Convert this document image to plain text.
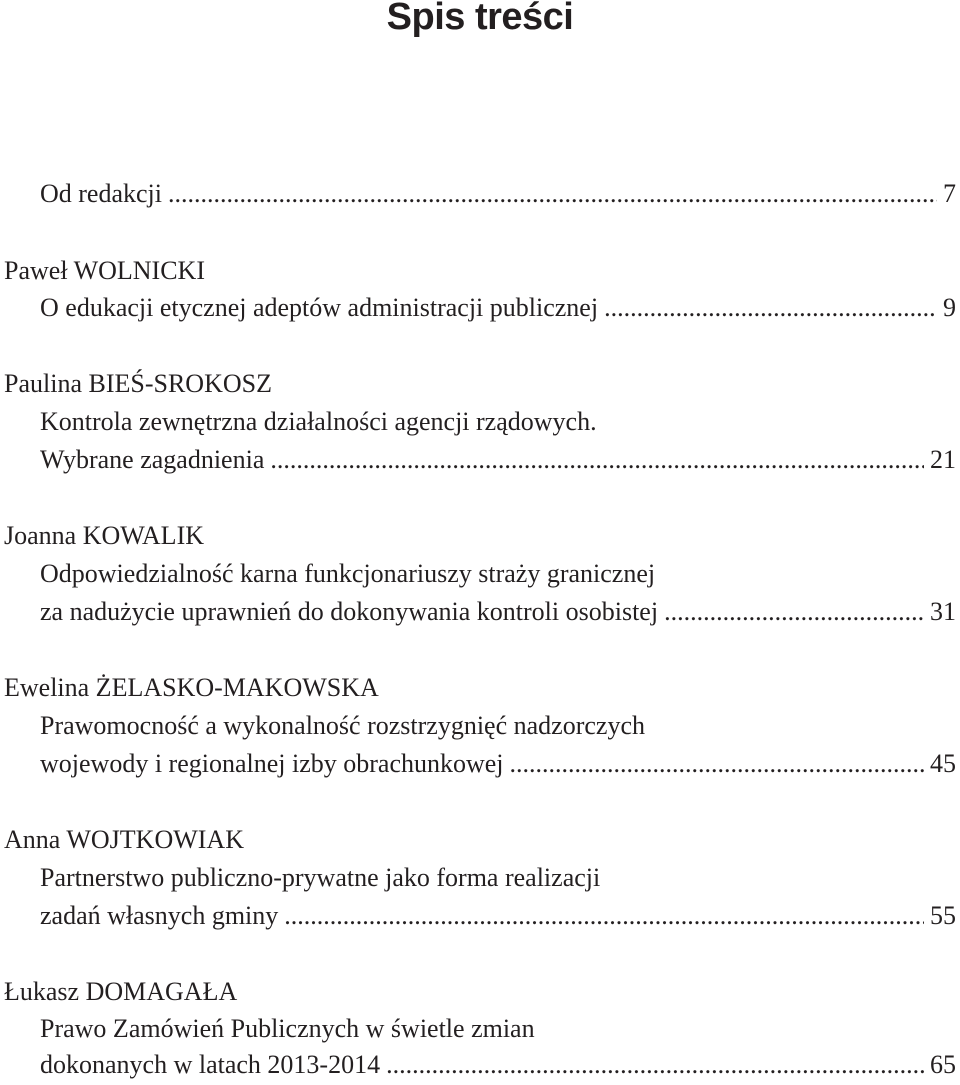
Spis treści
Od redakcji .....	7
Paweł WOLNICKI
O edukacji etycznej adeptów administracji publicznej .....	9
Paulina BIEŚ-SROKOSZ
Kontrola zewnętrzna działalności agencji rządowych.
Wybrane zagadnienia .....	21
Joanna KOWALIK
Odpowiedzialność karna funkcjonariuszy straży granicznej
za nadużycie uprawnień do dokonywania kontroli osobistej .....	31
Ewelina ŻELASKO-MAKOWSKA
Prawomocność a wykonalność rozstrzygnięć nadzorczych
wojewody i regionalnej izby obrachunkowej .....	45
Anna WOJTKOWIAK
Partnerstwo publiczno-prywatne jako forma realizacji
zadań własnych gminy .....	55
Łukasz DOMAGAŁA
Prawo Zamówień Publicznych w świetle zmian
dokonanych w latach 2013-2014 .....	65
